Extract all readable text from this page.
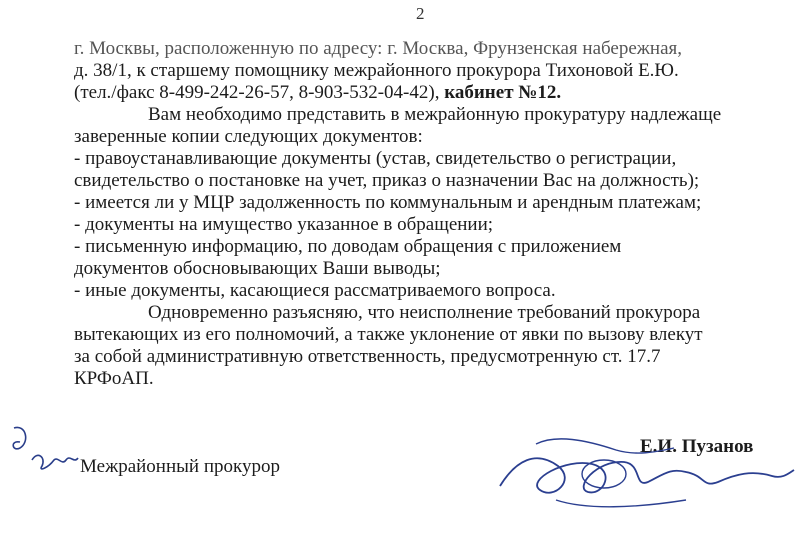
2
г. Москвы, расположенную по адресу: г. Москва, Фрунзенская набережная,
д. 38/1, к старшему помощнику межрайонного прокурора Тихоновой Е.Ю.
(тел./факс 8-499-242-26-57, 8-903-532-04-42), кабинет №12.
Вам необходимо представить в межрайонную прокуратуру надлежаще
заверенные копии следующих документов:
- правоустанавливающие документы (устав, свидетельство о регистрации,
свидетельство о постановке на учет, приказ о назначении Вас на должность);
- имеется ли у МЦР задолженность по коммунальным и арендным платежам;
- документы на имущество указанное в обращении;
- письменную информацию, по доводам обращения с приложением
документов обосновывающих Ваши выводы;
- иные документы, касающиеся рассматриваемого вопроса.
Одновременно разъясняю, что неисполнение требований прокурора
вытекающих из его полномочий, а также уклонение от явки по вызову влекут
за собой административную ответственность, предусмотренную ст. 17.7
КРФоАП.
Межрайонный прокурор
Е.И. Пузанов
